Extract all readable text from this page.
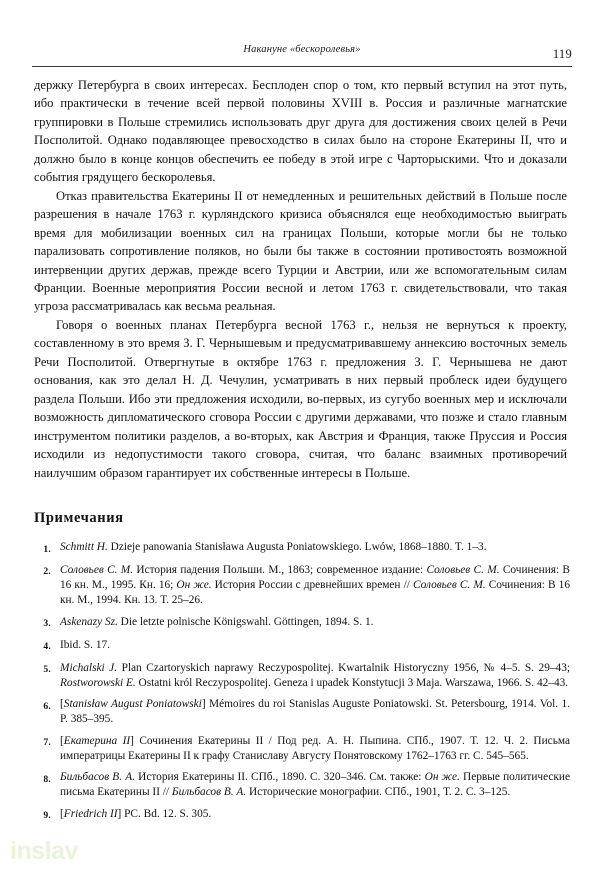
Накануне «бескоролевья»	119

держку Петербурга в своих интересах. Бесплоден спор о том, кто первый вступил на этот путь, ибо практически в течение всей первой половины XVIII в. Россия и различные магнатские группировки в Польше стремились использовать друг друга для достижения своих целей в Речи Посполитой. Однако подавляющее превосходство в силах было на стороне Екатерины II, что и должно было в конце концов обеспечить ее победу в этой игре с Чарторыскими. Что и доказали события грядущего бескоролевья.

Отказ правительства Екатерины II от немедленных и решительных действий в Польше после разрешения в начале 1763 г. курляндского кризиса объяснялся еще необходимостью выиграть время для мобилизации военных сил на границах Польши, которые могли бы не только парализовать сопротивление поляков, но были бы также в состоянии противостоять возможной интервенции других держав, прежде всего Турции и Австрии, или же вспомогательным силам Франции. Военные мероприятия России весной и летом 1763 г. свидетельствовали, что такая угроза рассматривалась как весьма реальная.

Говоря о военных планах Петербурга весной 1763 г., нельзя не вернуться к проекту, составленному в это время З. Г. Чернышевым и предусматривавшему аннексию восточных земель Речи Посполитой. Отвергнутые в октябре 1763 г. предложения З. Г. Чернышева не дают основания, как это делал Н. Д. Чечулин, усматривать в них первый проблеск идеи будущего раздела Польши. Ибо эти предложения исходили, во-первых, из сугубо военных мер и исключали возможность дипломатического сговора России с другими державами, что позже и стало главным инструментом политики разделов, а во-вторых, как Австрия и Франция, также Пруссия и Россия исходили из недопустимости такого сговора, считая, что баланс взаимных противоречий наилучшим образом гарантирует их собственные интересы в Польше.

Примечания
1. Schmitt H. Dzieje panowania Stanisława Augusta Poniatowskiego. Lwów, 1868–1880. T. 1–3.
2. Соловьев С. М. История падения Польши. М., 1863; современное издание: Соловьев С. М. Сочинения: В 16 кн. М., 1995. Кн. 16; Он же. История России с древнейших времен // Соловьев С. М. Сочинения: В 16 кн. М., 1994. Кн. 13. Т. 25–26.
3. Askenazy Sz. Die letzte polnische Königswahl. Göttingen, 1894. S. 1.
4. Ibid. S. 17.
5. Michalski J. Plan Czartoryskich naprawy Reczypospolitej. Kwartalnik Historyczny 1956, № 4–5. S. 29–43; Rostworowski E. Ostatni król Reczypospolitej. Geneza i upadek Konstytucji 3 Maja. Warszawa, 1966. S. 42–43.
6. [Stanisław August Poniatowski] Mémoires du roi Stanislas Auguste Poniatowski. St. Petersbourg, 1914. Vol. 1. P. 385–395.
7. [Екатерина II] Сочинения Екатерины II / Под ред. А. Н. Пыпина. СПб., 1907. Т. 12. Ч. 2. Письма императрицы Екатерины II к графу Станиславу Августу Понятовскому 1762–1763 гг. С. 545–565.
8. Бильбасов В. А. История Екатерины II. СПб., 1890. С. 320–346. См. также: Он же. Первые политические письма Екатерины II // Бильбасов В. А. Исторические монографии. СПб., 1901, Т. 2. С. 3–125.
9. [Friedrich II] PC. Bd. 12. S. 305.
inslav
